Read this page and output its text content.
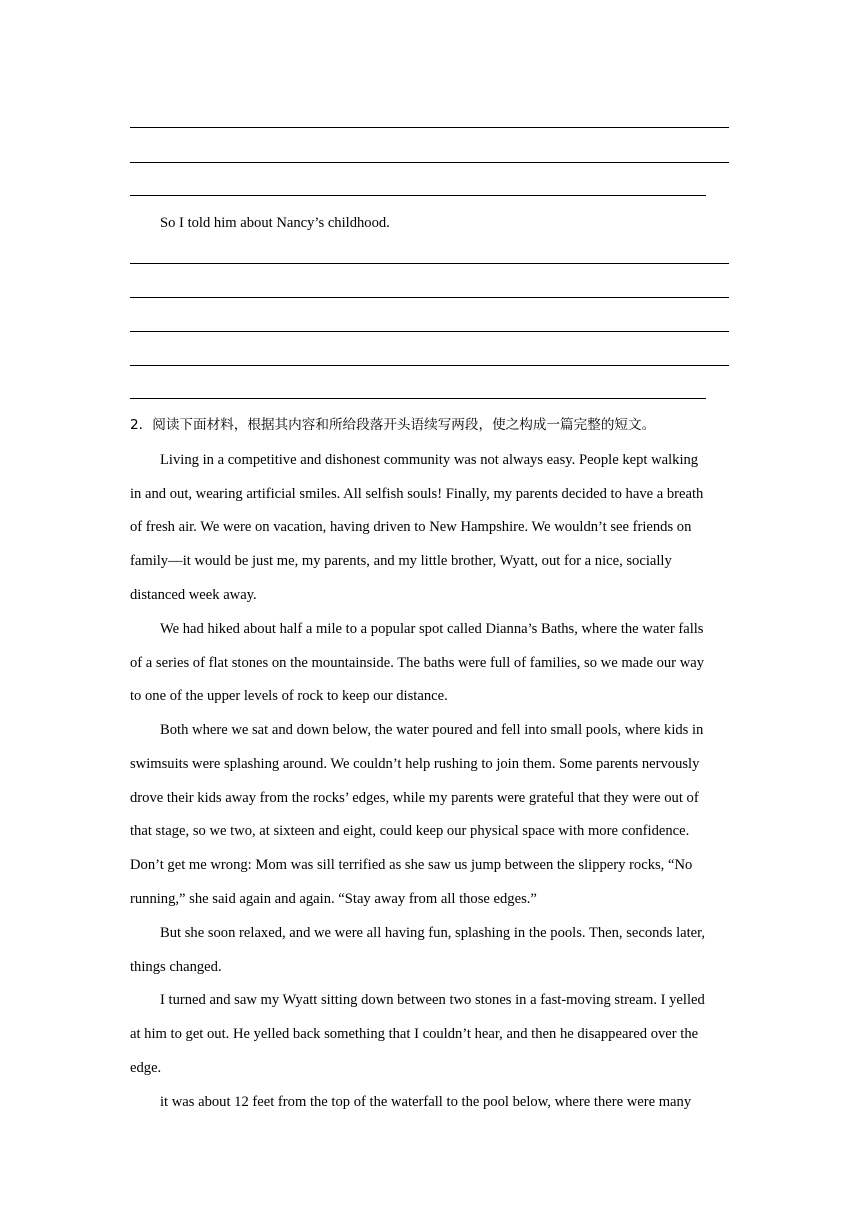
So I told him about Nancy’s childhood.
2．阅读下面材料，根据其内容和所给段落开头语续写两段，使之构成一篇完整的短文。
Living in a competitive and dishonest community was not always easy. People kept walking
in and out, wearing artificial smiles. All selfish souls! Finally, my parents decided to have a breath
of fresh air. We were on vacation, having driven to New Hampshire. We wouldn’t see friends on
family—it would be just me, my parents, and my little brother, Wyatt, out for a nice, socially
distanced week away.
We had hiked about half a mile to a popular spot called Dianna’s Baths, where the water falls
of a series of flat stones on the mountainside. The baths were full of families, so we made our way
to one of the upper levels of rock to keep our distance.
Both where we sat and down below, the water poured and fell into small pools, where kids in
swimsuits were splashing around. We couldn’t help rushing to join them. Some parents nervously
drove their kids away from the rocks’ edges, while my parents were grateful that they were out of
that stage, so we two, at sixteen and eight, could keep our physical space with more confidence.
Don’t get me wrong: Mom was sill terrified as she saw us jump between the slippery rocks, “No
running,” she said again and again. “Stay away from all those edges.”
But she soon relaxed, and we were all having fun, splashing in the pools. Then, seconds later,
things changed.
I turned and saw my Wyatt sitting down between two stones in a fast-moving stream. I yelled
at him to get out. He yelled back something that I couldn’t hear, and then he disappeared over the
edge.
it was about 12 feet from the top of the waterfall to the pool below, where there were many
